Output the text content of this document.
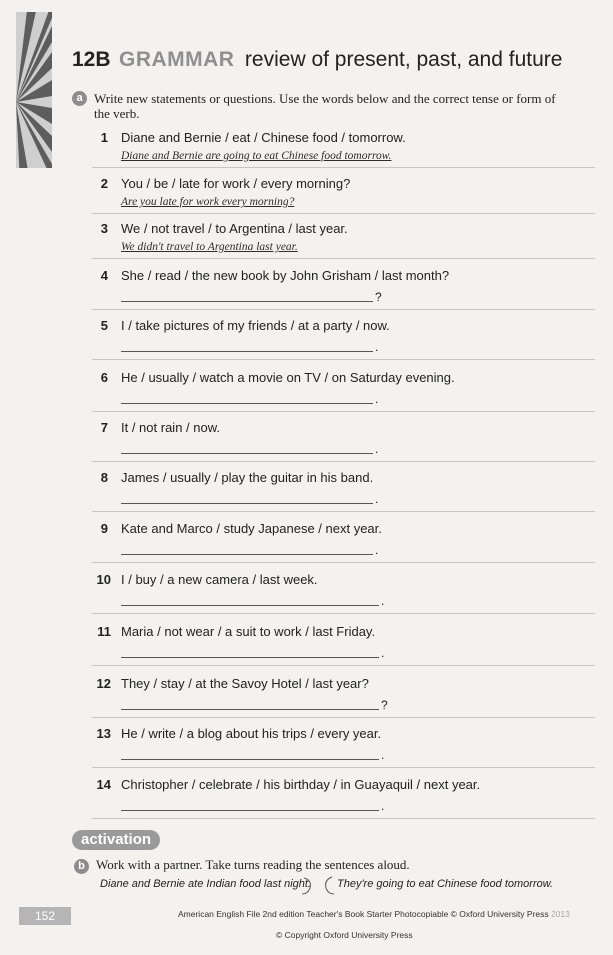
12B GRAMMAR review of present, past, and future
a Write new statements or questions. Use the words below and the correct tense or form of the verb.
1 Diane and Bernie / eat / Chinese food / tomorrow.
Diane and Bernie are going to eat Chinese food tomorrow.
2 You / be / late for work / every morning?
Are you late for work every morning?
3 We / not travel / to Argentina / last year.
We didn't travel to Argentina last year.
4 She / read / the new book by John Grisham / last month?
?
5 I / take pictures of my friends / at a party / now.
.
6 He / usually / watch a movie on TV / on Saturday evening.
.
7 It / not rain / now.
.
8 James / usually / play the guitar in his band.
.
9 Kate and Marco / study Japanese / next year.
.
10 I / buy / a new camera / last week.
.
11 Maria / not wear / a suit to work / last Friday.
.
12 They / stay / at the Savoy Hotel / last year?
?
13 He / write / a blog about his trips / every year.
.
14 Christopher / celebrate / his birthday / in Guayaquil / next year.
.
activation
b Work with a partner. Take turns reading the sentences aloud.
Diane and Bernie ate Indian food last night. They're going to eat Chinese food tomorrow.
152	American English File 2nd edition Teacher's Book Starter Photocopiable © Oxford University Press 2013
© Copyright Oxford University Press
